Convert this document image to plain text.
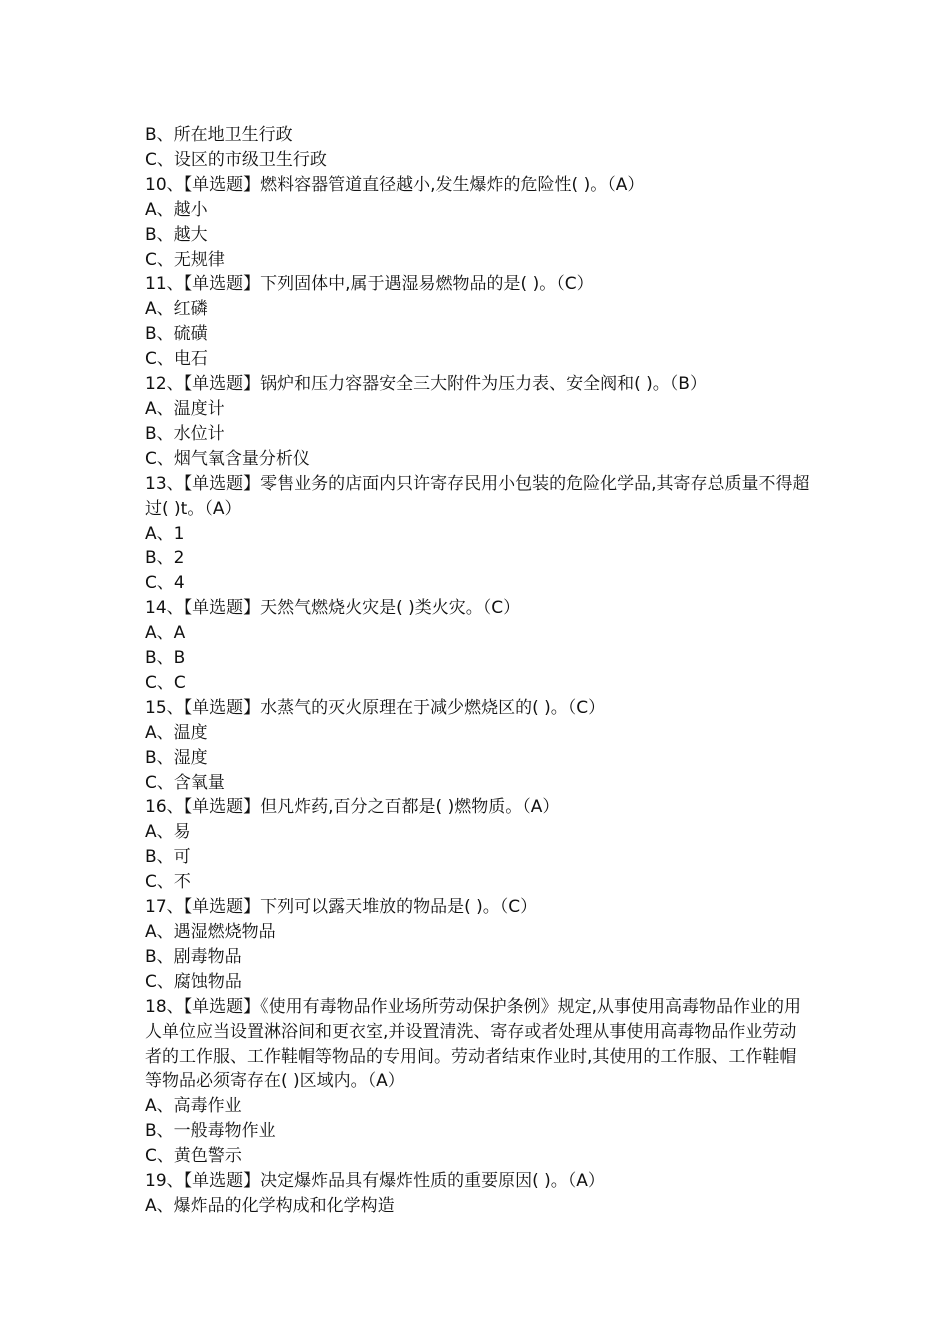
B、所在地卫生行政
C、设区的市级卫生行政
10、【单选题】燃料容器管道直径越小,发生爆炸的危险性( )。（A）
A、越小
B、越大
C、无规律
11、【单选题】下列固体中,属于遇湿易燃物品的是( )。（C）
A、红磷
B、硫磺
C、电石
12、【单选题】锅炉和压力容器安全三大附件为压力表、安全阀和( )。（B）
A、温度计
B、水位计
C、烟气氧含量分析仪
13、【单选题】零售业务的店面内只许寄存民用小包装的危险化学品,其寄存总质量不得超过( )t。（A）
A、1
B、2
C、4
14、【单选题】天然气燃烧火灾是( )类火灾。（C）
A、A
B、B
C、C
15、【单选题】水蒸气的灭火原理在于减少燃烧区的( )。（C）
A、温度
B、湿度
C、含氧量
16、【单选题】但凡炸药,百分之百都是( )燃物质。（A）
A、易
B、可
C、不
17、【单选题】下列可以露天堆放的物品是( )。（C）
A、遇湿燃烧物品
B、剧毒物品
C、腐蚀物品
18、【单选题】《使用有毒物品作业场所劳动保护条例》规定,从事使用高毒物品作业的用人单位应当设置淋浴间和更衣室,并设置清洗、寄存或者处理从事使用高毒物品作业劳动者的工作服、工作鞋帽等物品的专用间。劳动者结束作业时,其使用的工作服、工作鞋帽等物品必须寄存在( )区域内。（A）
A、高毒作业
B、一般毒物作业
C、黄色警示
19、【单选题】决定爆炸品具有爆炸性质的重要原因( )。（A）
A、爆炸品的化学构成和化学构造
